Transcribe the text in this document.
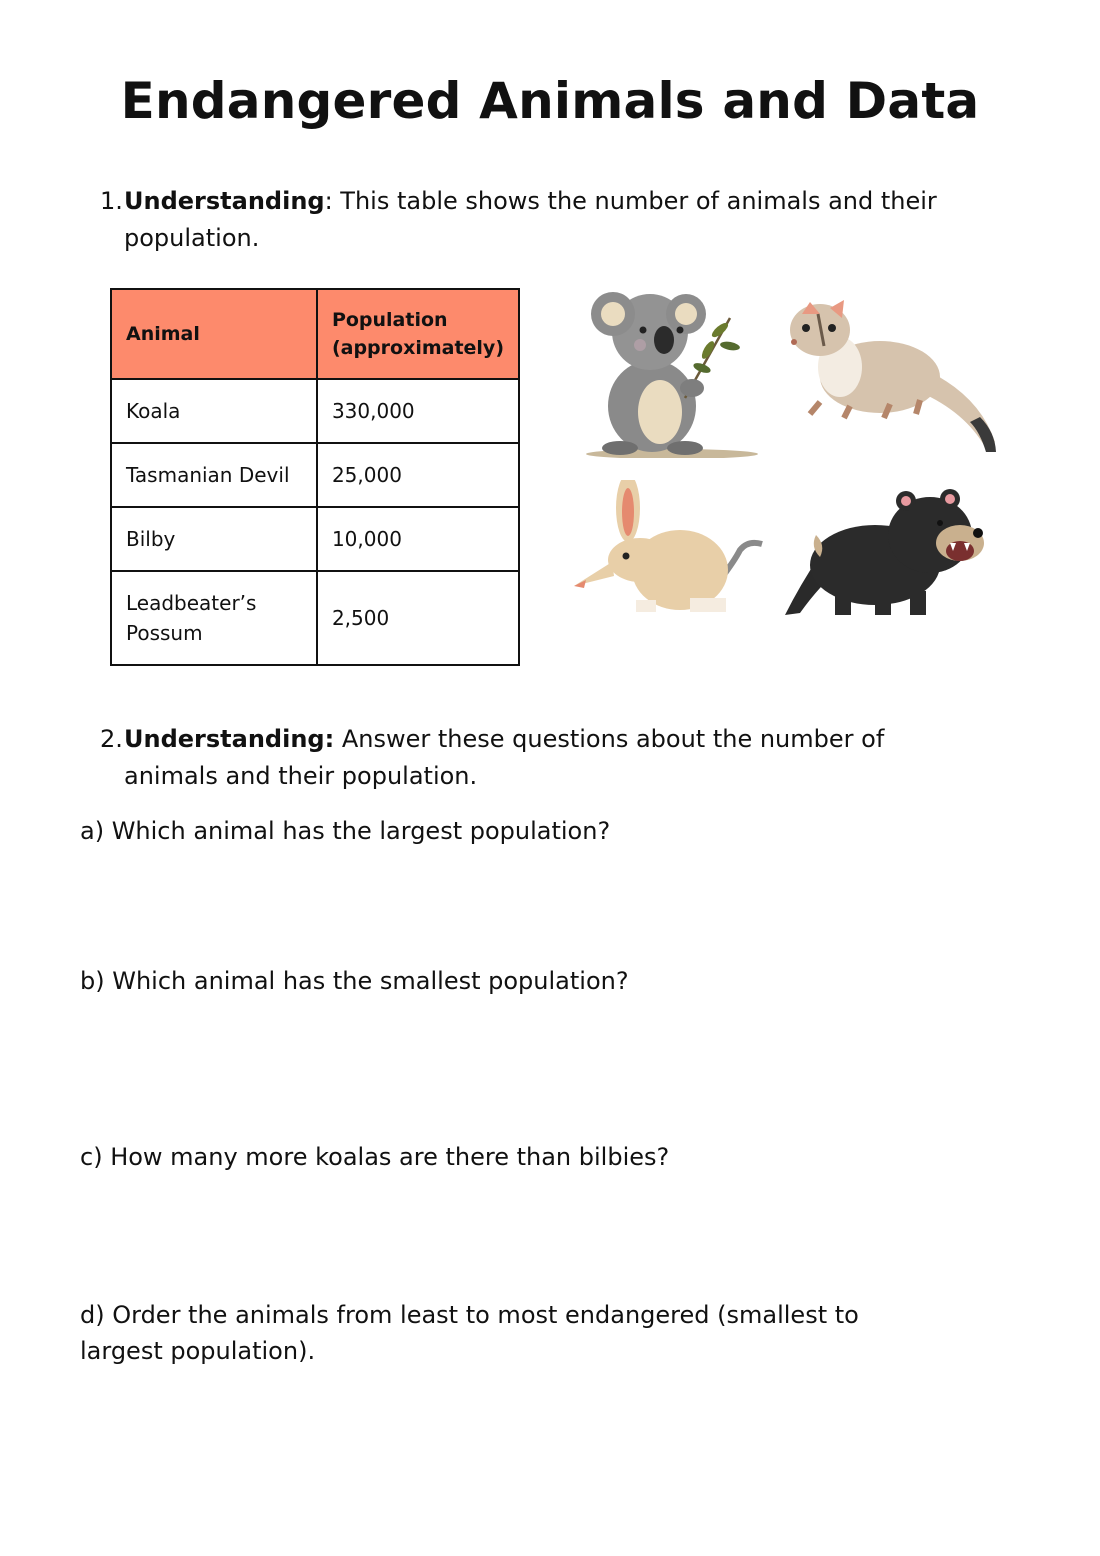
Endangered Animals and Data
1. Understanding: This table shows the number of animals and their population.
Animal	Population (approximately)
Koala	330,000
Tasmanian Devil	25,000
Bilby	10,000
Leadbeater’s Possum	2,500
2. Understanding: Answer these questions about the number of animals and their population.
a) Which animal has the largest population?
b) Which animal has the smallest population?
c) How many more koalas are there than bilbies?
d) Order the animals from least to most endangered (smallest to largest population).
